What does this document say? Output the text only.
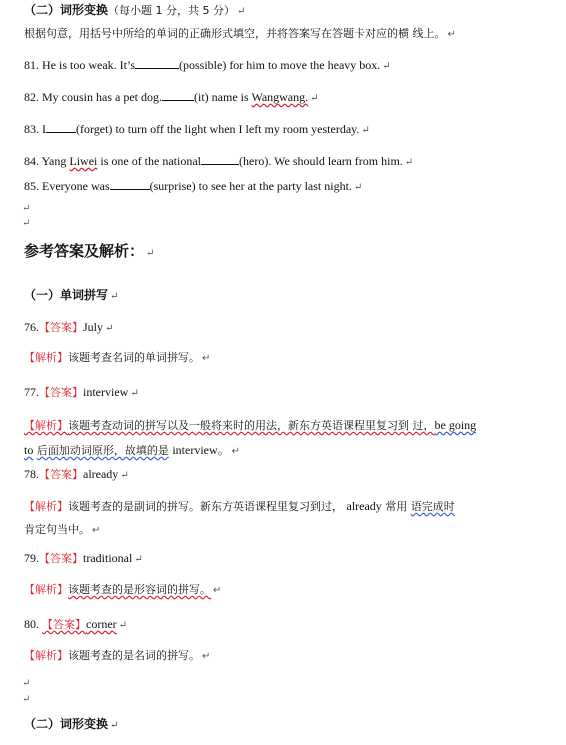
（二）词形变换（每小题 1 分，共 5 分） ↵
根据句意，用括号中所给的单词的正确形式填空，并将答案写在答题卡对应的横 线上。 ↵
81. He is too weak. It’s	(possible) for him to move the heavy box. ↵
82. My cousin has a pet dog.	(it) name is Wangwang. ↵
83. I	(forget) to turn off the light when I left my room yesterday. ↵
84. Yang Liwei is one of the national	(hero). We should learn from him. ↵
85. Everyone was	(surprise) to see her at the party last night. ↵
↵
↵
参考答案及解析： ↵
（一）单词拼写 ↵
76.【答案】July ↵
【解析】该题考查名词的单词拼写。 ↵
77.【答案】interview ↵
【解析】该题考查动词的拼写以及一般将来时的用法，新东方英语课程里复习到 过，be going
to 后面加动词原形，故填的是 interview。 ↵
78.【答案】already ↵
【解析】该题考查的是副词的拼写。新东方英语课程里复习到过， already 常用 语完成时
肯定句当中。 ↵
79.【答案】traditional ↵
【解析】该题考查的是形容词的拼写。 ↵
80. 【答案】corner ↵
【解析】该题考查的是名词的拼写。 ↵
↵
↵
（二）词形变换 ↵
